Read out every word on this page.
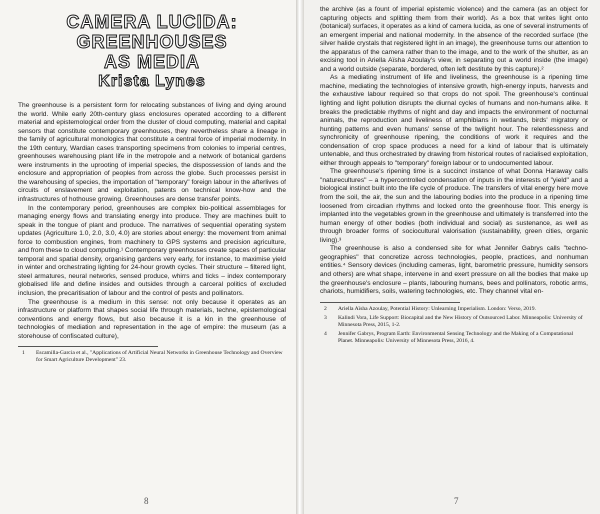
CAMERA LUCIDA:
GREENHOUSES
AS MEDIA
Krista Lynes

The greenhouse is a persistent form for relocating substances of living and dying around the world. While early 20th-century glass enclosures operated according to a different material and epistemological order from the cluster of cloud computing, material and capital sensors that constitute contemporary greenhouses, they nevertheless share a lineage in the family of agricultural monologics that constitute a central force of imperial modernity. In the 19th century, Wardian cases transporting specimens from colonies to imperial centres, greenhouses warehousing plant life in the metropole and a network of botanical gardens were instruments in the uprooting of imperial species, the dispossession of lands and the enclosure and appropriation of peoples from across the globe. Such processes persist in the warehousing of species, the importation of "temporary" foreign labour in the afterlives of circuits of enslavement and exploitation, patents on technical know-how and the infrastructures of hothouse growing. Greenhouses are dense transfer points.

In the contemporary period, greenhouses are complex bio-political assemblages for managing energy flows and translating energy into produce. They are machines built to speak in the tongue of plant and produce. The narratives of sequential operating system updates (Agriculture 1.0, 2.0, 3.0, 4.0) are stories about energy: the movement from animal force to combustion engines, from machinery to GPS systems and precision agriculture, and from these to cloud computing.¹ Contemporary greenhouses create spaces of particular temporal and spatial density, organising gardens very early, for instance, to maximise yield in winter and orchestrating lighting for 24-hour growth cycles. Their structure – filtered light, steel armatures, neural networks, sensed produce, whirrs and ticks – index contemporary globalised life and define insides and outsides through a carceral politics of excluded inclusion, the precaritisation of labour and the control of pests and pollinators.

The greenhouse is a medium in this sense: not only because it operates as an infrastructure or platform that shapes social life through materials, techne, epistemological conventions and energy flows, but also because it is a kin in the greenhouse of technologies of mediation and representation in the age of empire: the museum (as a storehouse of confiscated culture),

1	Escamilla-Garcia et al., "Applications of Artificial Neural Networks in Greenhouse Technology and Overview for Smart Agriculture Development" 23.
8

the archive (as a fount of imperial epistemic violence) and the camera (as an object for capturing objects and splitting them from their world). As a box that writes light onto (botanical) surfaces, it operates as a kind of camera lucida, as one of several instruments of an emergent imperial and national modernity. In the absence of the recorded surface (the silver halide crystals that registered light in an image), the greenhouse turns our attention to the apparatus of the camera rather than to the image, and to the work of the shutter, as an excising tool in Ariella Aïsha Azoulay's view, in separating out a world inside (the image) and a world outside (separate, bordered, often left destitute by this capture).²

As a mediating instrument of life and liveliness, the greenhouse is a ripening time machine, mediating the technologies of intensive growth, high-energy inputs, harvests and the exhaustive labour required so that crops do not spoil. The greenhouse's continual lighting and light pollution disrupts the diurnal cycles of humans and non-humans alike. It breaks the predictable rhythms of night and day and impacts the environment of nocturnal animals, the reproduction and liveliness of amphibians in wetlands, birds' migratory or hunting patterns and even humans' sense of the twilight hour. The relentlessness and synchronicity of greenhouse ripening, the conditions of work it requires and the condensation of crop space produces a need for a kind of labour that is ultimately untenable, and thus orchestrated by drawing from historical routes of racialised exploitation, either through appeals to "temporary" foreign labour or to undocumented labour.

The greenhouse's ripening time is a succinct instance of what Donna Haraway calls "naturecultures" – a hypercontrolled condensation of inputs in the interests of "yield" and a biological instinct built into the life cycle of produce. The transfers of vital energy here move from the soil, the air, the sun and the labouring bodies into the produce in a ripening time loosened from circadian rhythms and locked onto the greenhouse floor. This energy is implanted into the vegetables grown in the greenhouse and ultimately is transferred into the human energy of other bodies (both individual and social) as sustenance, as well as through broader forms of sociocultural valorisation (sustainability, green cities, organic living).³

The greenhouse is also a condensed site for what Jennifer Gabrys calls "techno-geographies" that concretize across technologies, people, practices, and nonhuman entities.⁴ Sensory devices (including cameras, light, barometric pressure, humidity sensors and others) are what shape, intervene in and exert pressure on all the bodies that make up the greenhouse's enclosure – plants, labouring humans, bees and pollinators, robotic arms, chariots, humidifiers, soils, watering technologies, etc. They channel vital en-

2	Ariella Aïsha Azoulay, Potential History: Unlearning Imperialism. London: Verso, 2019.
3	Kalindi Vora, Life Support: Biocapital and the New History of Outsourced Labor. Minneapolis: University of Minnesota Press, 2015, 1-2.
4	Jennifer Gabrys, Program Earth: Environmental Sensing Technology and the Making of a Computational Planet. Minneapolis: University of Minnesota Press, 2016, 4.
7
